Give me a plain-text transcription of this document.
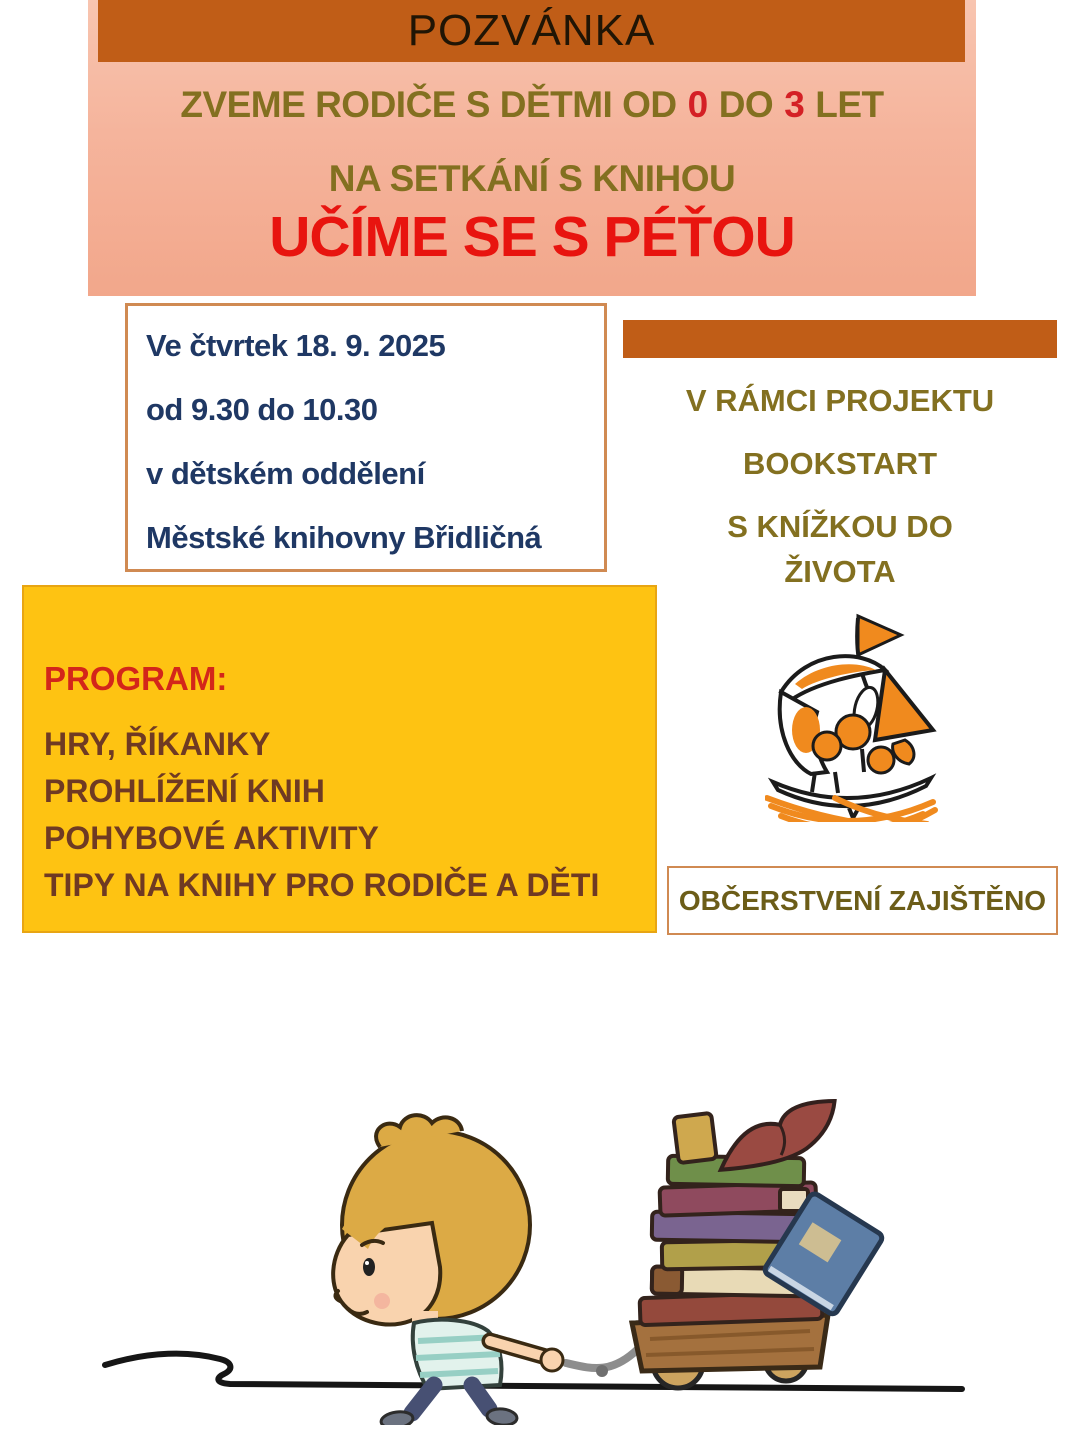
POZVÁNKA
ZVEME RODIČE S DĚTMI OD 0 DO 3 LET
NA SETKÁNÍ S KNIHOU
UČÍME SE S PÉŤOU
Ve čtvrtek 18. 9. 2025
od 9.30 do 10.30
v dětském oddělení
Městské knihovny Břidličná
V RÁMCI PROJEKTU
BOOKSTART
S KNÍŽKOU DO
ŽIVOTA
OBČERSTVENÍ ZAJIŠTĚNO
PROGRAM:
HRY, ŘÍKANKY
PROHLÍŽENÍ KNIH
POHYBOVÉ AKTIVITY
TIPY NA KNIHY PRO RODIČE A DĚTI
